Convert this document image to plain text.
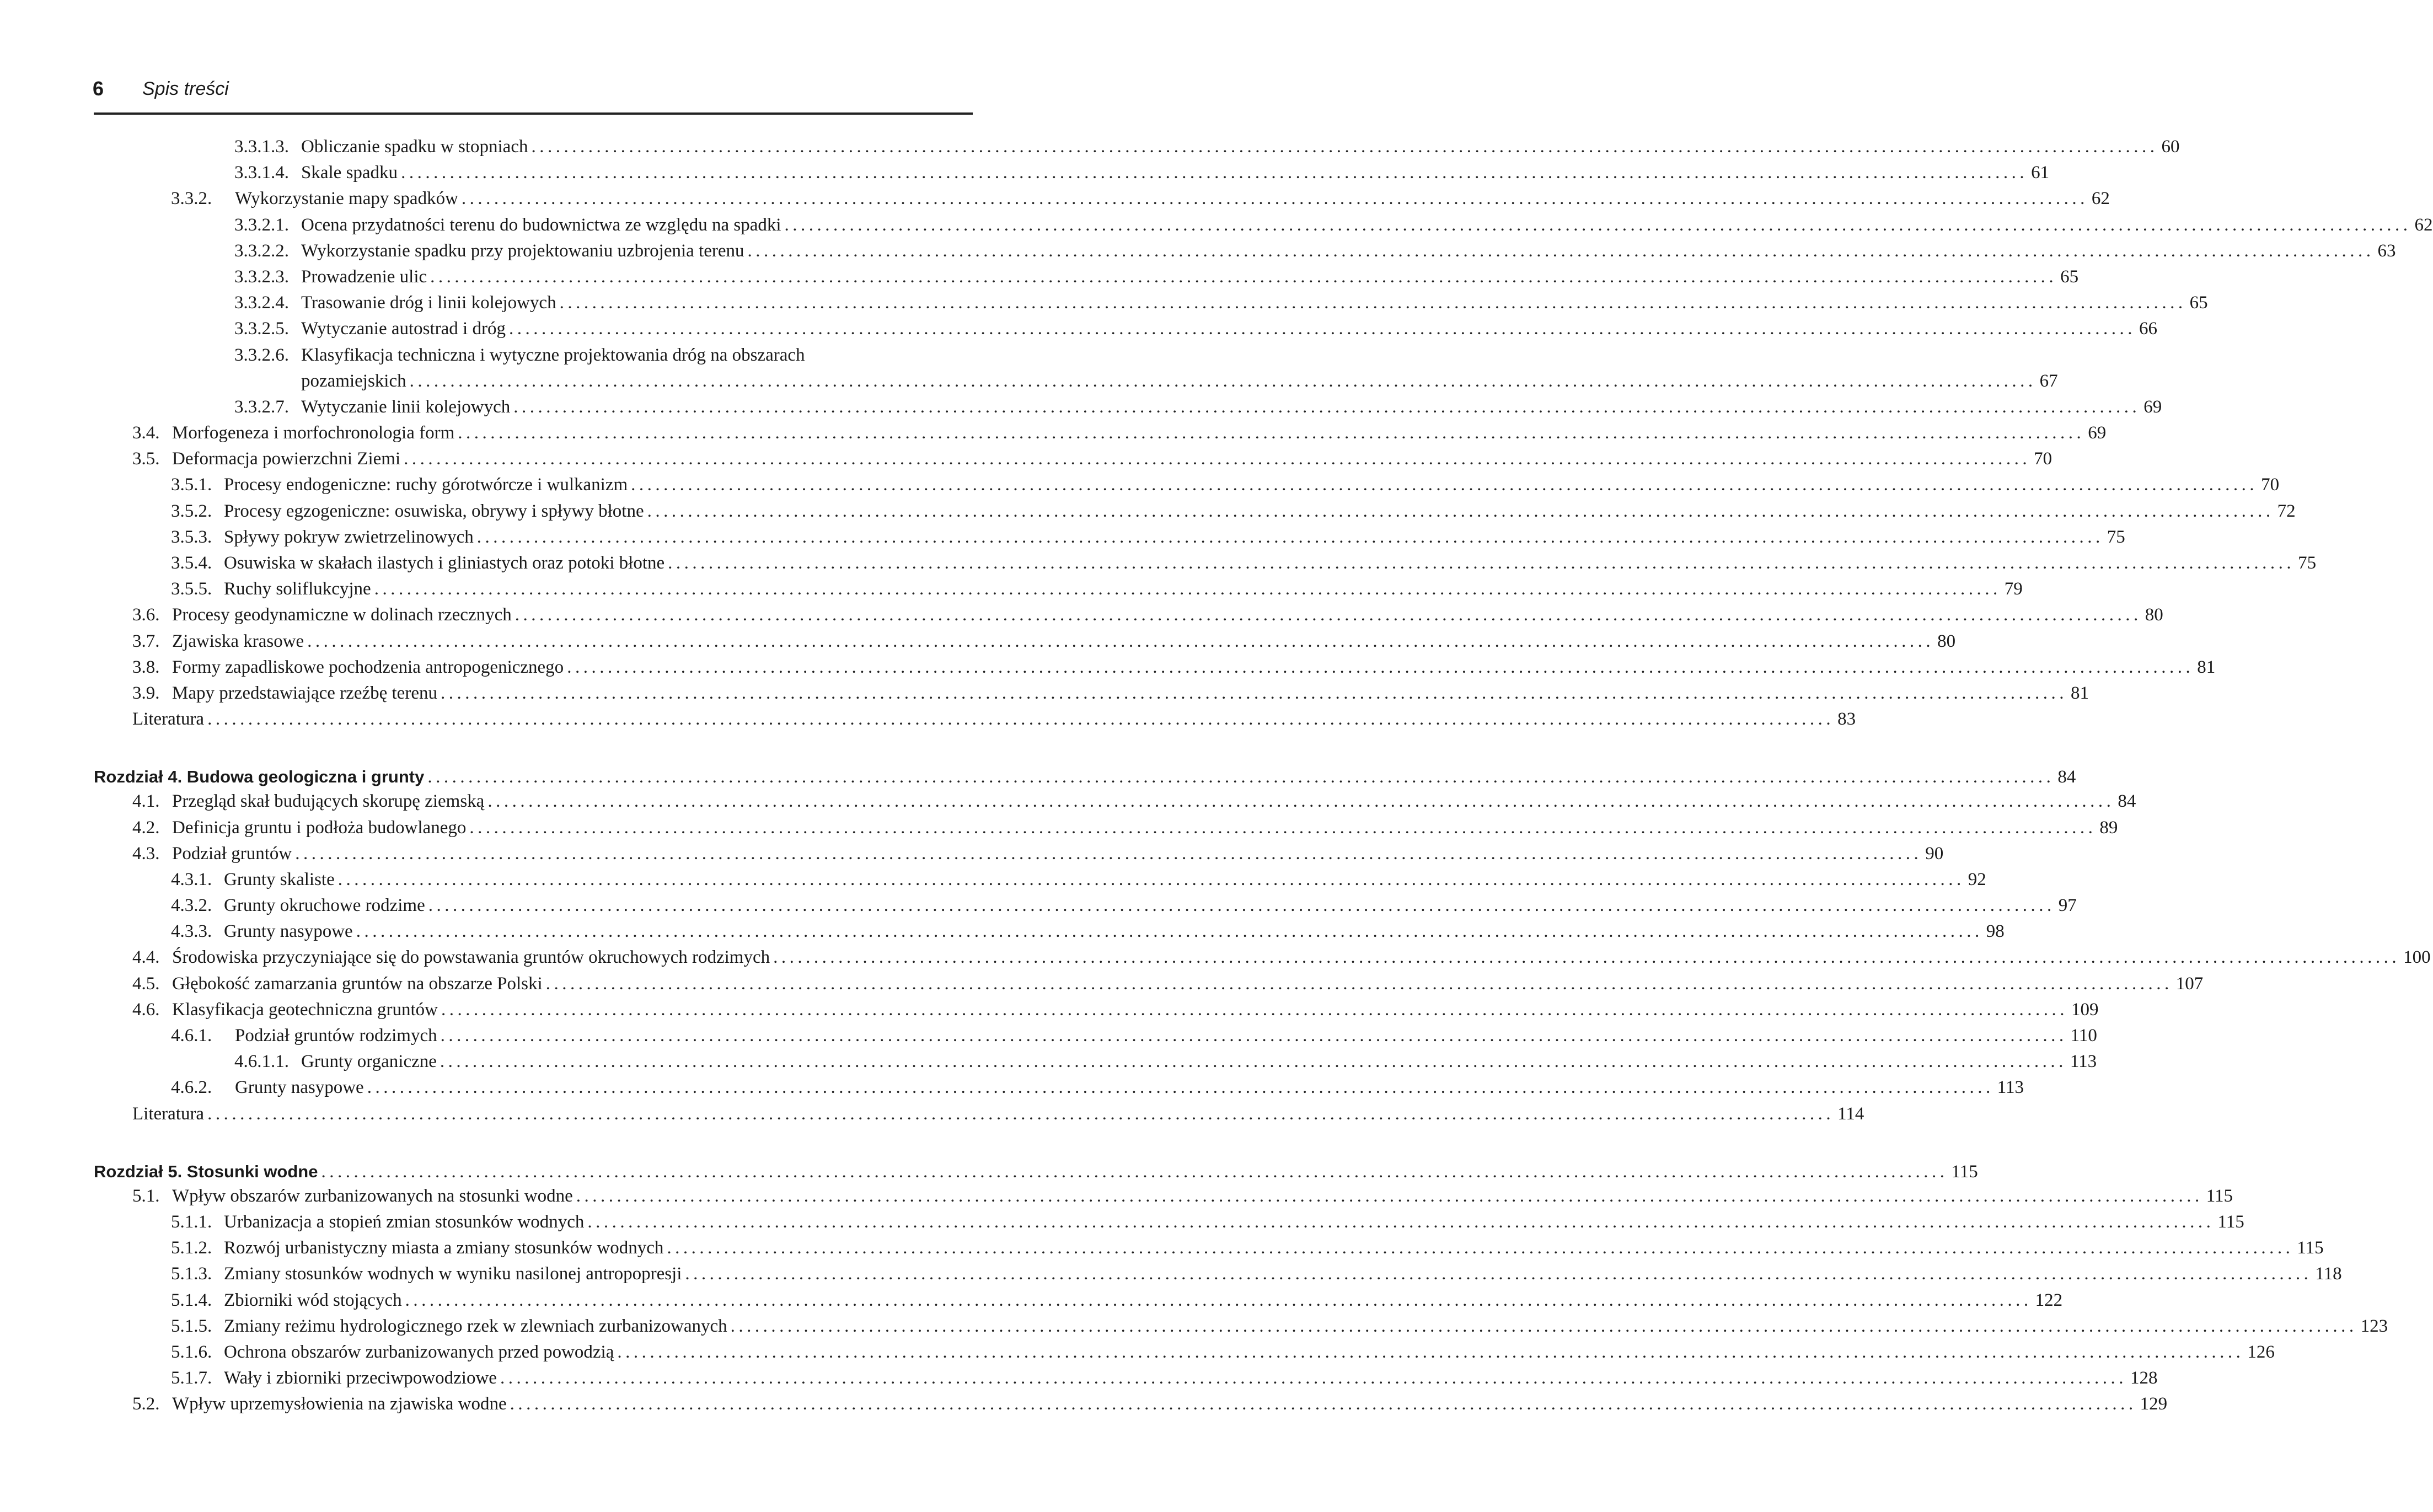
6 Spis treści
3.3.1.3. Obliczanie spadku w stopniach ........................................................................................................................................................................................................ 60
3.3.1.4. Skale spadku ........................................................................................................................................................................................................ 61
3.3.2.	Wykorzystanie mapy spadków ........................................................................................................................................................................................................ 62
3.3.2.1. Ocena przydatności terenu do budownictwa ze względu na spadki ........................................................................................................................................................................................................ 62
3.3.2.2. Wykorzystanie spadku przy projektowaniu uzbrojenia terenu ........................................................................................................................................................................................................ 63
3.3.2.3. Prowadzenie ulic ........................................................................................................................................................................................................ 65
3.3.2.4. Trasowanie dróg i linii kolejowych ........................................................................................................................................................................................................ 65
3.3.2.5. Wytyczanie autostrad i dróg ........................................................................................................................................................................................................ 66
3.3.2.6. Klasyfikacja techniczna i wytyczne projektowania dróg na obszarach
pozamiejskich ........................................................................................................................................................................................................ 67
3.3.2.7. Wytyczanie linii kolejowych ........................................................................................................................................................................................................ 69
3.4. Morfogeneza i morfochronologia form ........................................................................................................................................................................................................ 69
3.5. Deformacja powierzchni Ziemi ........................................................................................................................................................................................................ 70
3.5.1. Procesy endogeniczne: ruchy górotwórcze i wulkanizm ........................................................................................................................................................................................................ 70
3.5.2. Procesy egzogeniczne: osuwiska, obrywy i spływy błotne ........................................................................................................................................................................................................ 72
3.5.3. Spływy pokryw zwietrzelinowych ........................................................................................................................................................................................................ 75
3.5.4. Osuwiska w skałach ilastych i gliniastych oraz potoki błotne ........................................................................................................................................................................................................ 75
3.5.5. Ruchy soliflukcyjne ........................................................................................................................................................................................................ 79
3.6. Procesy geodynamiczne w dolinach rzecznych ........................................................................................................................................................................................................ 80
3.7. Zjawiska krasowe ........................................................................................................................................................................................................ 80
3.8. Formy zapadliskowe pochodzenia antropogenicznego ........................................................................................................................................................................................................ 81
3.9. Mapy przedstawiające rzeźbę terenu ........................................................................................................................................................................................................ 81
Literatura ........................................................................................................................................................................................................ 83
Rozdział 4. Budowa geologiczna i grunty ........................................................................................................................................................................................................ 84
4.1. Przegląd skał budujących skorupę ziemską ........................................................................................................................................................................................................ 84
4.2. Definicja gruntu i podłoża budowlanego ........................................................................................................................................................................................................ 89
4.3. Podział gruntów ........................................................................................................................................................................................................ 90
4.3.1. Grunty skaliste ........................................................................................................................................................................................................ 92
4.3.2. Grunty okruchowe rodzime ........................................................................................................................................................................................................ 97
4.3.3. Grunty nasypowe ........................................................................................................................................................................................................ 98
4.4. Środowiska przyczyniające się do powstawania gruntów okruchowych rodzimych ........................................................................................................................................................................................................ 100
4.5. Głębokość zamarzania gruntów na obszarze Polski ........................................................................................................................................................................................................ 107
4.6. Klasyfikacja geotechniczna gruntów ........................................................................................................................................................................................................ 109
4.6.1.	Podział gruntów rodzimych ........................................................................................................................................................................................................ 110
4.6.1.1. Grunty organiczne ........................................................................................................................................................................................................ 113
4.6.2.	Grunty nasypowe ........................................................................................................................................................................................................ 113
Literatura ........................................................................................................................................................................................................ 114
Rozdział 5. Stosunki wodne ........................................................................................................................................................................................................ 115
5.1. Wpływ obszarów zurbanizowanych na stosunki wodne ........................................................................................................................................................................................................ 115
5.1.1. Urbanizacja a stopień zmian stosunków wodnych ........................................................................................................................................................................................................ 115
5.1.2. Rozwój urbanistyczny miasta a zmiany stosunków wodnych ........................................................................................................................................................................................................ 115
5.1.3. Zmiany stosunków wodnych w wyniku nasilonej antropopresji ........................................................................................................................................................................................................ 118
5.1.4. Zbiorniki wód stojących ........................................................................................................................................................................................................ 122
5.1.5. Zmiany reżimu hydrologicznego rzek w zlewniach zurbanizowanych ........................................................................................................................................................................................................ 123
5.1.6. Ochrona obszarów zurbanizowanych przed powodzią ........................................................................................................................................................................................................ 126
5.1.7. Wały i zbiorniki przeciwpowodziowe ........................................................................................................................................................................................................ 128
5.2. Wpływ uprzemysłowienia na zjawiska wodne ........................................................................................................................................................................................................ 129
